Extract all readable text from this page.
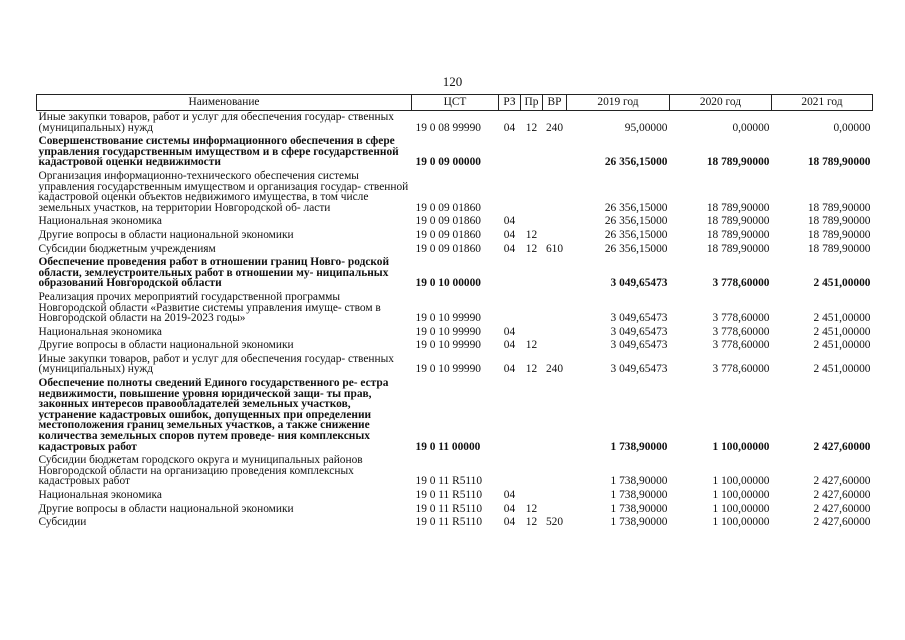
120
Наименование	ЦСТ	РЗ	Пр	ВР	2019 год	2020 год	2021 год
Иные закупки товаров, работ и услуг для обеспечения государ- ственных (муниципальных) нужд	19 0 08 99990	04	12	240	95,00000	0,00000	0,00000
Совершенствование системы информационного обеспечения в сфере управления государственным имуществом и в сфере государственной кадастровой оценки недвижимости	19 0 09 00000				26 356,15000	18 789,90000	18 789,90000
Организация информационно-технического обеспечения системы управления государственным имуществом и организация государ- ственной кадастровой оценки объектов недвижимого имущества, в том числе земельных участков, на территории Новгородской об- ласти	19 0 09 01860				26 356,15000	18 789,90000	18 789,90000
Национальная экономика	19 0 09 01860	04			26 356,15000	18 789,90000	18 789,90000
Другие вопросы в области национальной экономики	19 0 09 01860	04	12		26 356,15000	18 789,90000	18 789,90000
Субсидии бюджетным учреждениям	19 0 09 01860	04	12	610	26 356,15000	18 789,90000	18 789,90000
Обеспечение проведения работ в отношении границ Новго- родской области, землеустроительных работ в отношении му- ниципальных образований Новгородской области	19 0 10 00000				3 049,65473	3 778,60000	2 451,00000
Реализация прочих мероприятий государственной программы Новгородской области «Развитие системы управления имуще- ством в Новгородской области на 2019-2023 годы»	19 0 10 99990				3 049,65473	3 778,60000	2 451,00000
Национальная экономика	19 0 10 99990	04			3 049,65473	3 778,60000	2 451,00000
Другие вопросы в области национальной экономики	19 0 10 99990	04	12		3 049,65473	3 778,60000	2 451,00000
Иные закупки товаров, работ и услуг для обеспечения государ- ственных (муниципальных) нужд	19 0 10 99990	04	12	240	3 049,65473	3 778,60000	2 451,00000
Обеспечение полноты сведений Единого государственного ре- естра недвижимости, повышение уровня юридической защи- ты прав, законных интересов правообладателей земельных участков, устранение кадастровых ошибок, допущенных при определении местоположения границ земельных участков, а также снижение количества земельных споров путем проведе- ния комплексных кадастровых работ	19 0 11 00000				1 738,90000	1 100,00000	2 427,60000
Субсидии бюджетам городского округа и муниципальных районов Новгородской области на организацию проведения комплексных кадастровых работ	19 0 11 R5110				1 738,90000	1 100,00000	2 427,60000
Национальная экономика	19 0 11 R5110	04			1 738,90000	1 100,00000	2 427,60000
Другие вопросы в области национальной экономики	19 0 11 R5110	04	12		1 738,90000	1 100,00000	2 427,60000
Субсидии	19 0 11 R5110	04	12	520	1 738,90000	1 100,00000	2 427,60000
